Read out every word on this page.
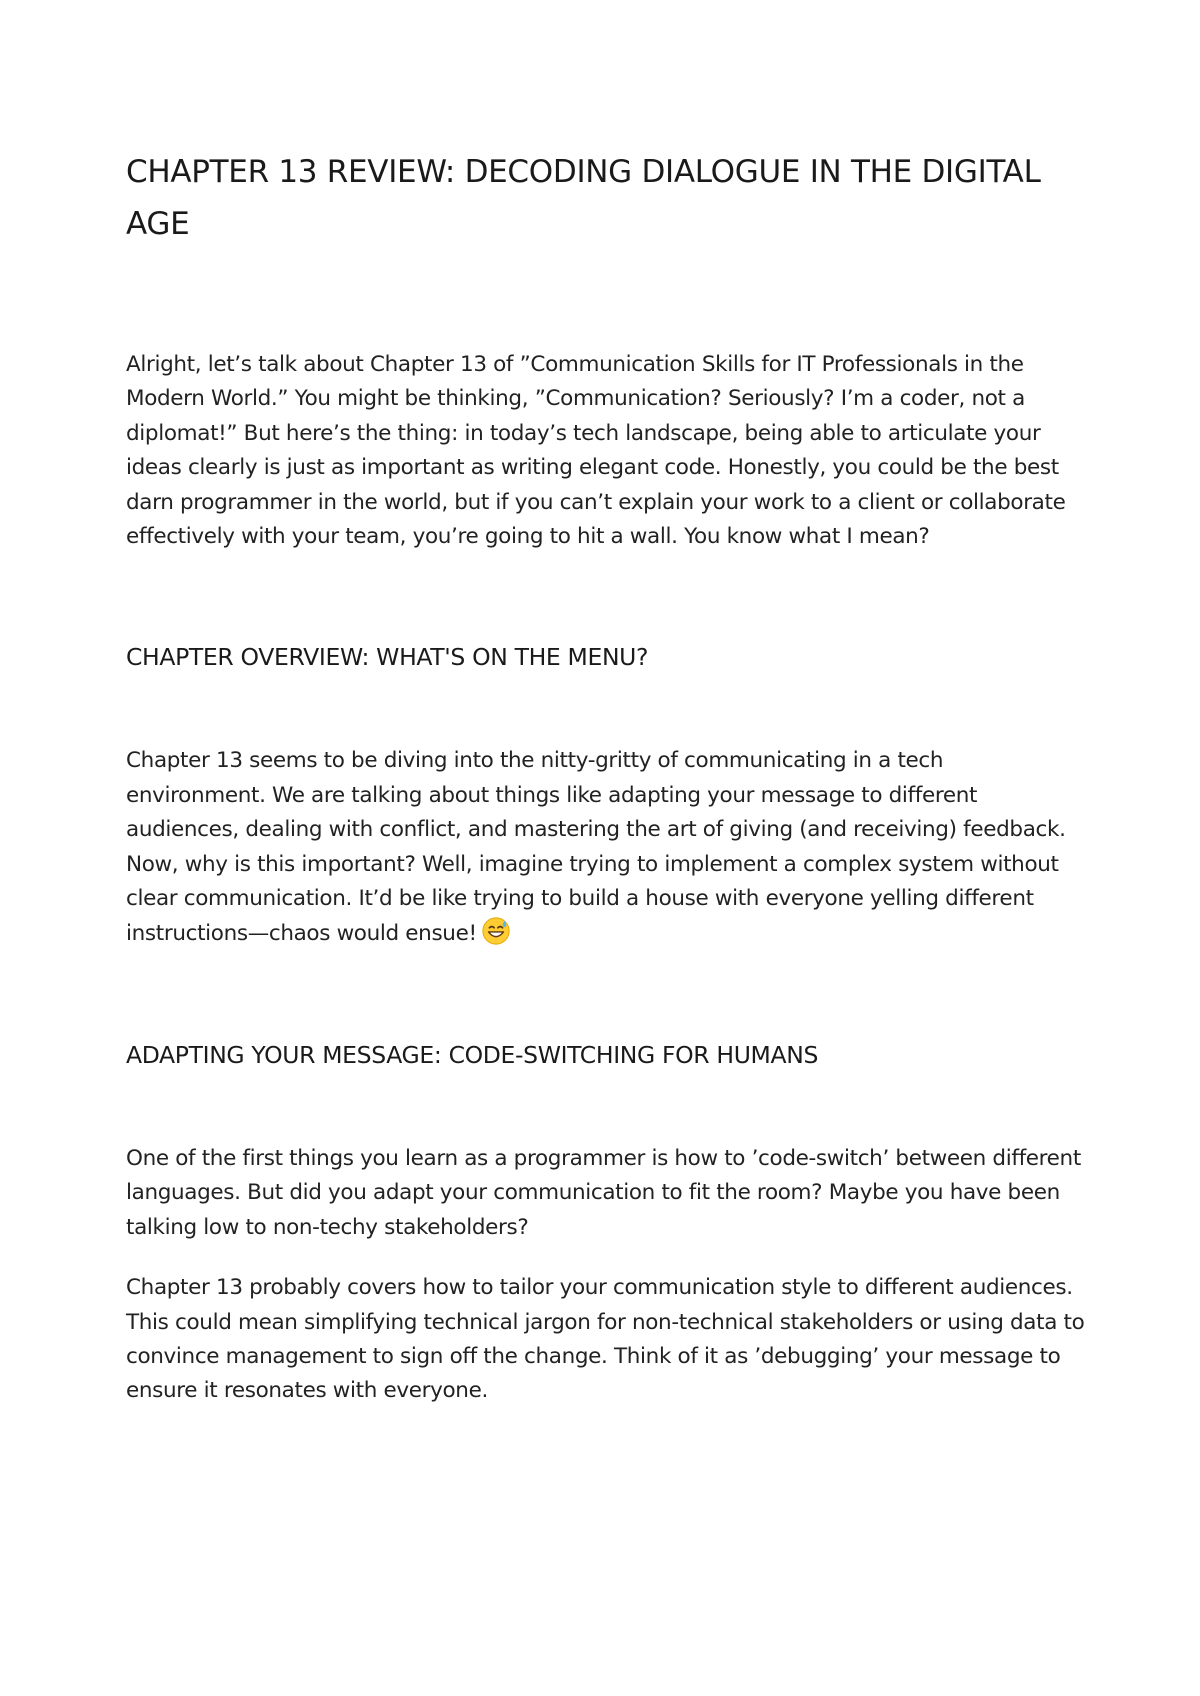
CHAPTER 13 REVIEW: DECODING DIALOGUE IN THE DIGITAL AGE

Alright, let’s talk about Chapter 13 of ”Communication Skills for IT Professionals in the Modern World.” You might be thinking, ”Communication? Seriously? I’m a coder, not a diplomat!” But here’s the thing: in today’s tech landscape, being able to articulate your ideas clearly is just as important as writing elegant code. Honestly, you could be the best darn programmer in the world, but if you can’t explain your work to a client or collaborate effectively with your team, you’re going to hit a wall. You know what I mean?

CHAPTER OVERVIEW: WHAT'S ON THE MENU?

Chapter 13 seems to be diving into the nitty-gritty of communicating in a tech environment. We are talking about things like adapting your message to different audiences, dealing with conflict, and mastering the art of giving (and receiving) feedback. Now, why is this important? Well, imagine trying to implement a complex system without clear communication. It’d be like trying to build a house with everyone yelling different instructions—chaos would ensue!

ADAPTING YOUR MESSAGE: CODE-SWITCHING FOR HUMANS

One of the first things you learn as a programmer is how to ’code-switch’ between different languages. But did you adapt your communication to fit the room? Maybe you have been talking low to non-techy stakeholders?

Chapter 13 probably covers how to tailor your communication style to different audiences. This could mean simplifying technical jargon for non-technical stakeholders or using data to convince management to sign off the change. Think of it as ’debugging’ your message to ensure it resonates with everyone.
